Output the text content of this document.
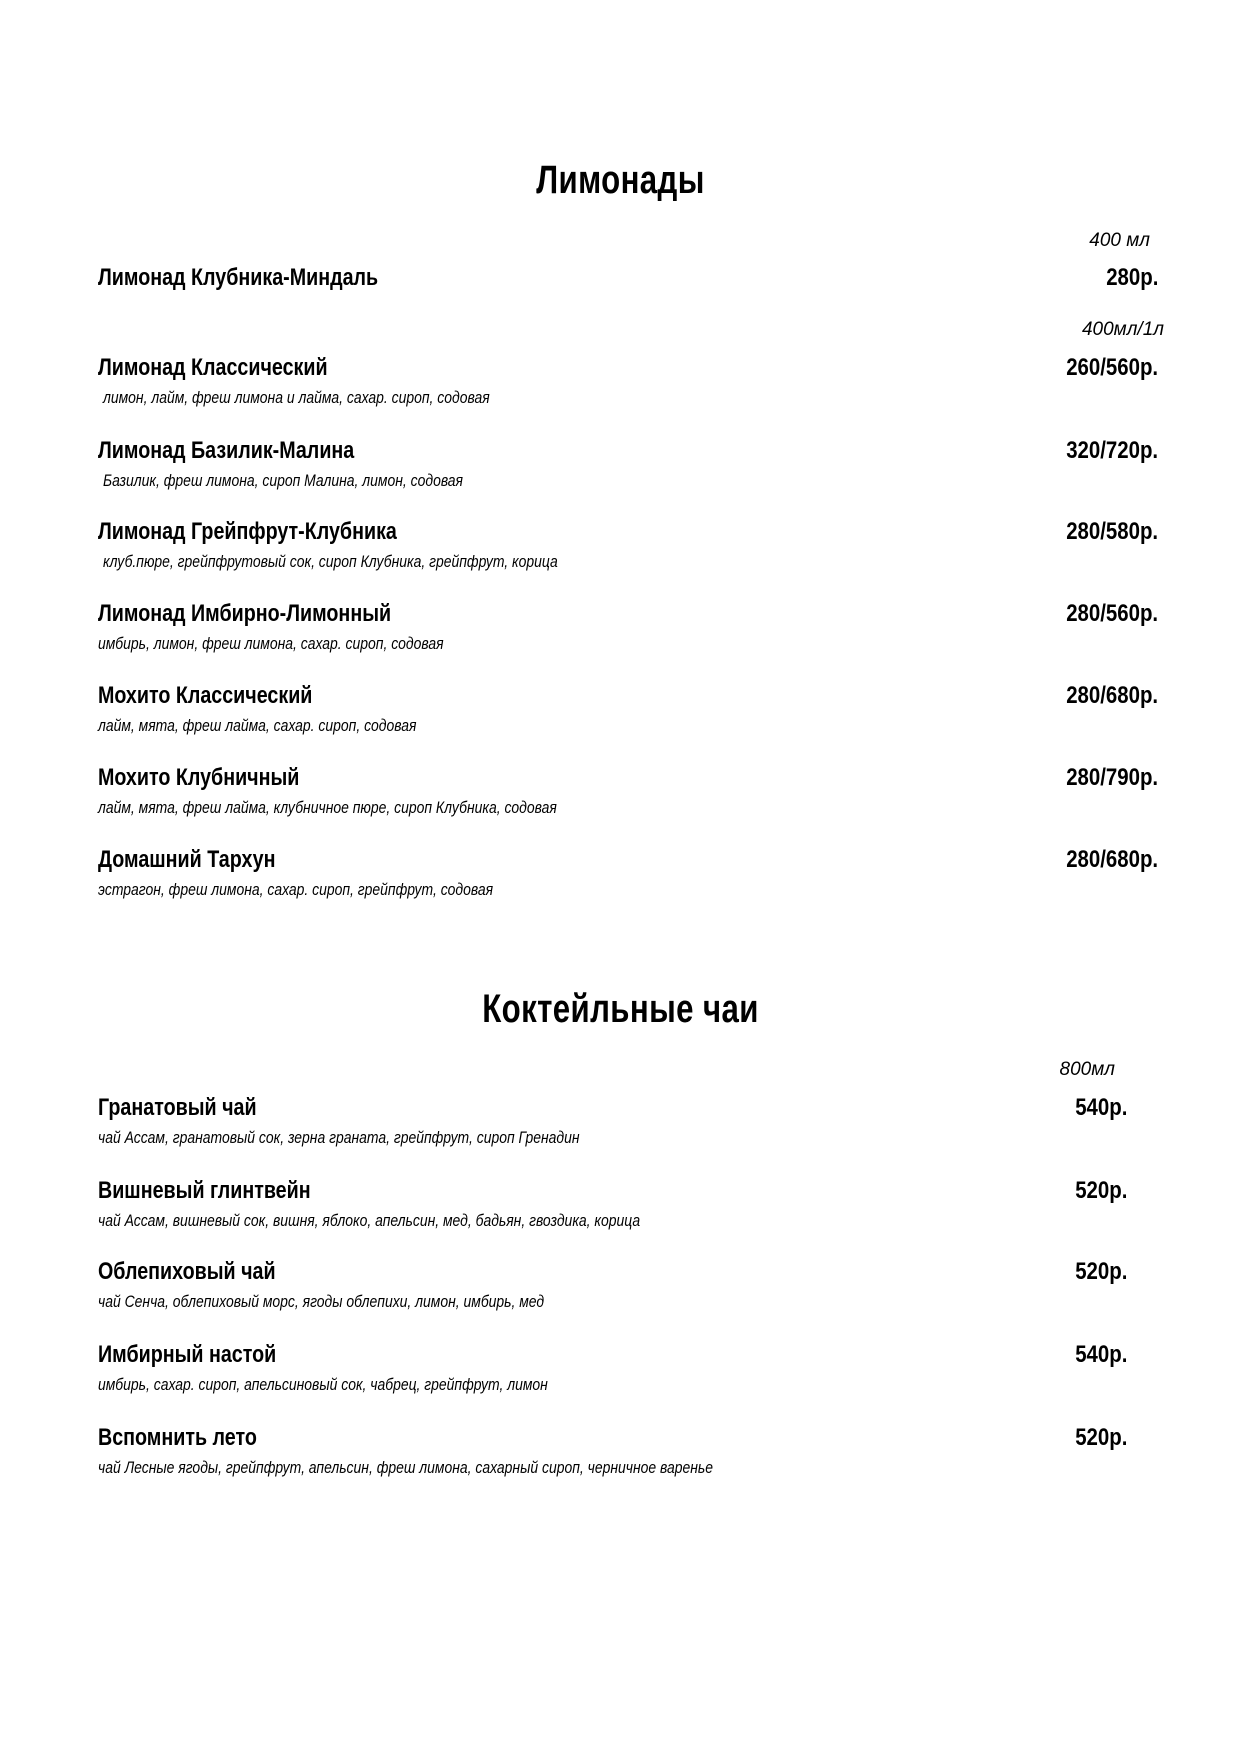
Лимонады
400 мл
Лимонад Клубника-Миндаль	280р.
400мл/1л
Лимонад Классический
лимон, лайм, фреш лимона и лайма, сахар. сироп, содовая
260/560р.
Лимонад Базилик-Малина
Базилик, фреш лимона, сироп Малина, лимон, содовая
320/720р.
Лимонад Грейпфрут-Клубника
клуб.пюре, грейпфрутовый сок, сироп Клубника, грейпфрут, корица
280/580р.
Лимонад Имбирно-Лимонный
имбирь, лимон, фреш лимона, сахар. сироп, содовая
280/560р.
Мохито Классический
лайм, мята, фреш лайма, сахар. сироп, содовая
280/680р.
Мохито Клубничный
лайм, мята, фреш лайма, клубничное пюре, сироп Клубника, содовая
280/790р.
Домашний Тархун
эстрагон, фреш лимона, сахар. сироп, грейпфрут, содовая
280/680р.
Коктейльные чаи
800мл
Гранатовый чай
чай Ассам, гранатовый сок, зерна граната, грейпфрут, сироп Гренадин
540р.
Вишневый глинтвейн
чай Ассам, вишневый сок, вишня, яблоко, апельсин, мед, бадьян, гвоздика, корица
520р.
Облепиховый чай
чай Сенча, облепиховый морс, ягоды облепихи, лимон, имбирь, мед
520р.
Имбирный настой
имбирь, сахар. сироп, апельсиновый сок, чабрец, грейпфрут, лимон
540р.
Вспомнить лето
чай Лесные ягоды, грейпфрут, апельсин, фреш лимона, сахарный сироп, черничное варенье
520р.
